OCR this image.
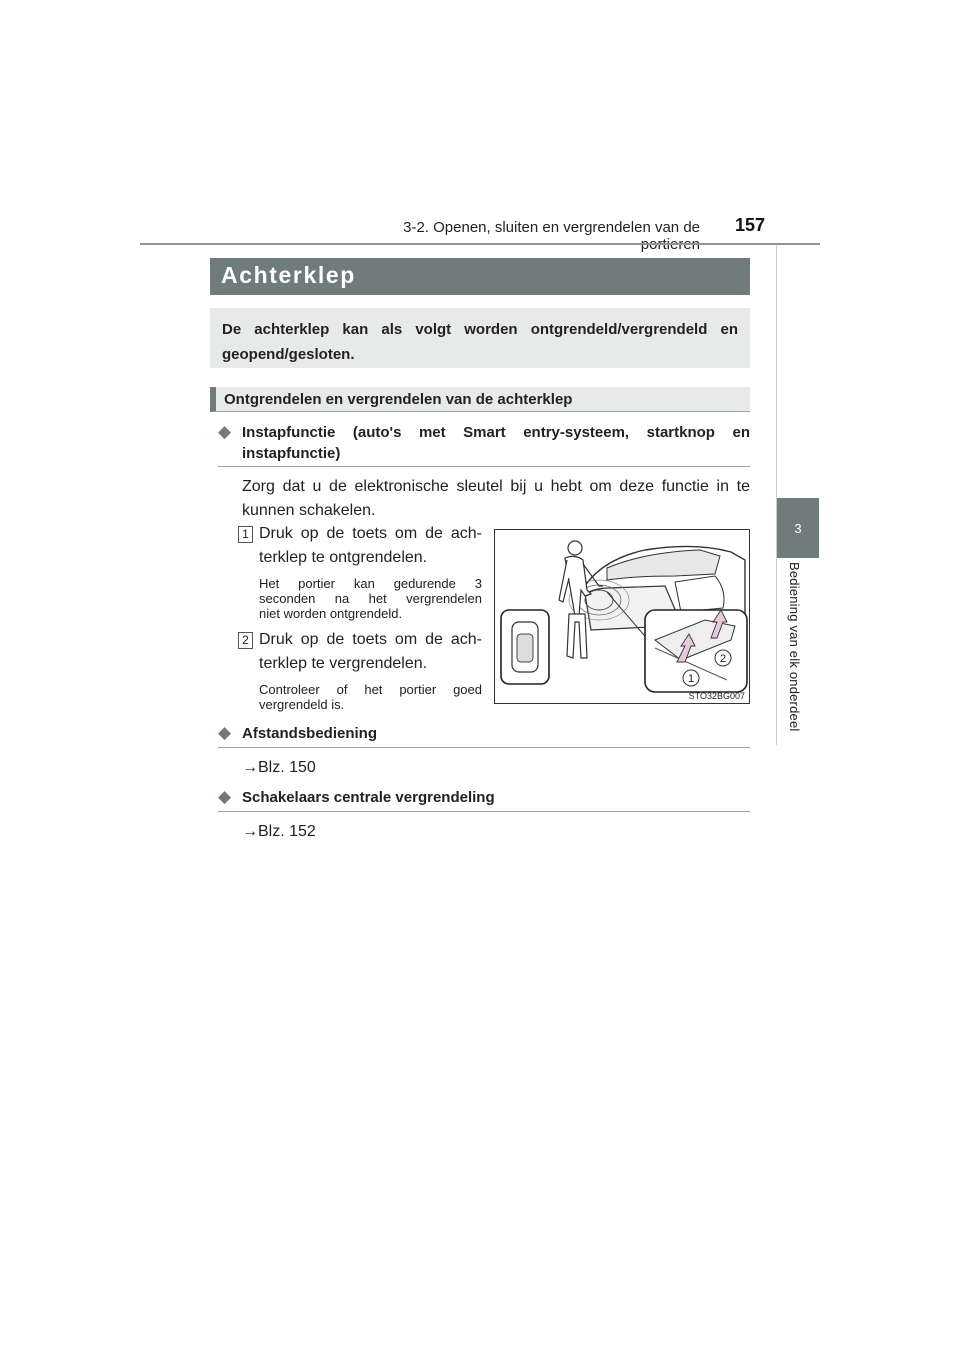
3-2. Openen, sluiten en vergrendelen van de 157
3
Bediening van elk onderdeel
Achterklep
De achterklep kan als volgt worden ontgrendeld/vergrendeld en geopend/gesloten.
Ontgrendelen en vergrendelen van de achterklep
◆ Instapfunctie (auto's met Smart entry-systeem, startknop en
instapfunctie)
Zorg dat u de elektronische sleutel bij u hebt om deze functie in te
kunnen schakelen.
1 Druk op de toets om de ach-
terklep te ontgrendelen.
Het portier kan gedurende 3
seconden na het vergrendelen
niet worden ontgrendeld.
2 Druk op de toets om de ach-
terklep te vergrendelen.
Controleer of het portier goed
vergrendeld is.
1
2
STO32BG007
◆ Afstandsbediening
→Blz. 150
◆ Schakelaars centrale vergrendeling
→Blz. 152
